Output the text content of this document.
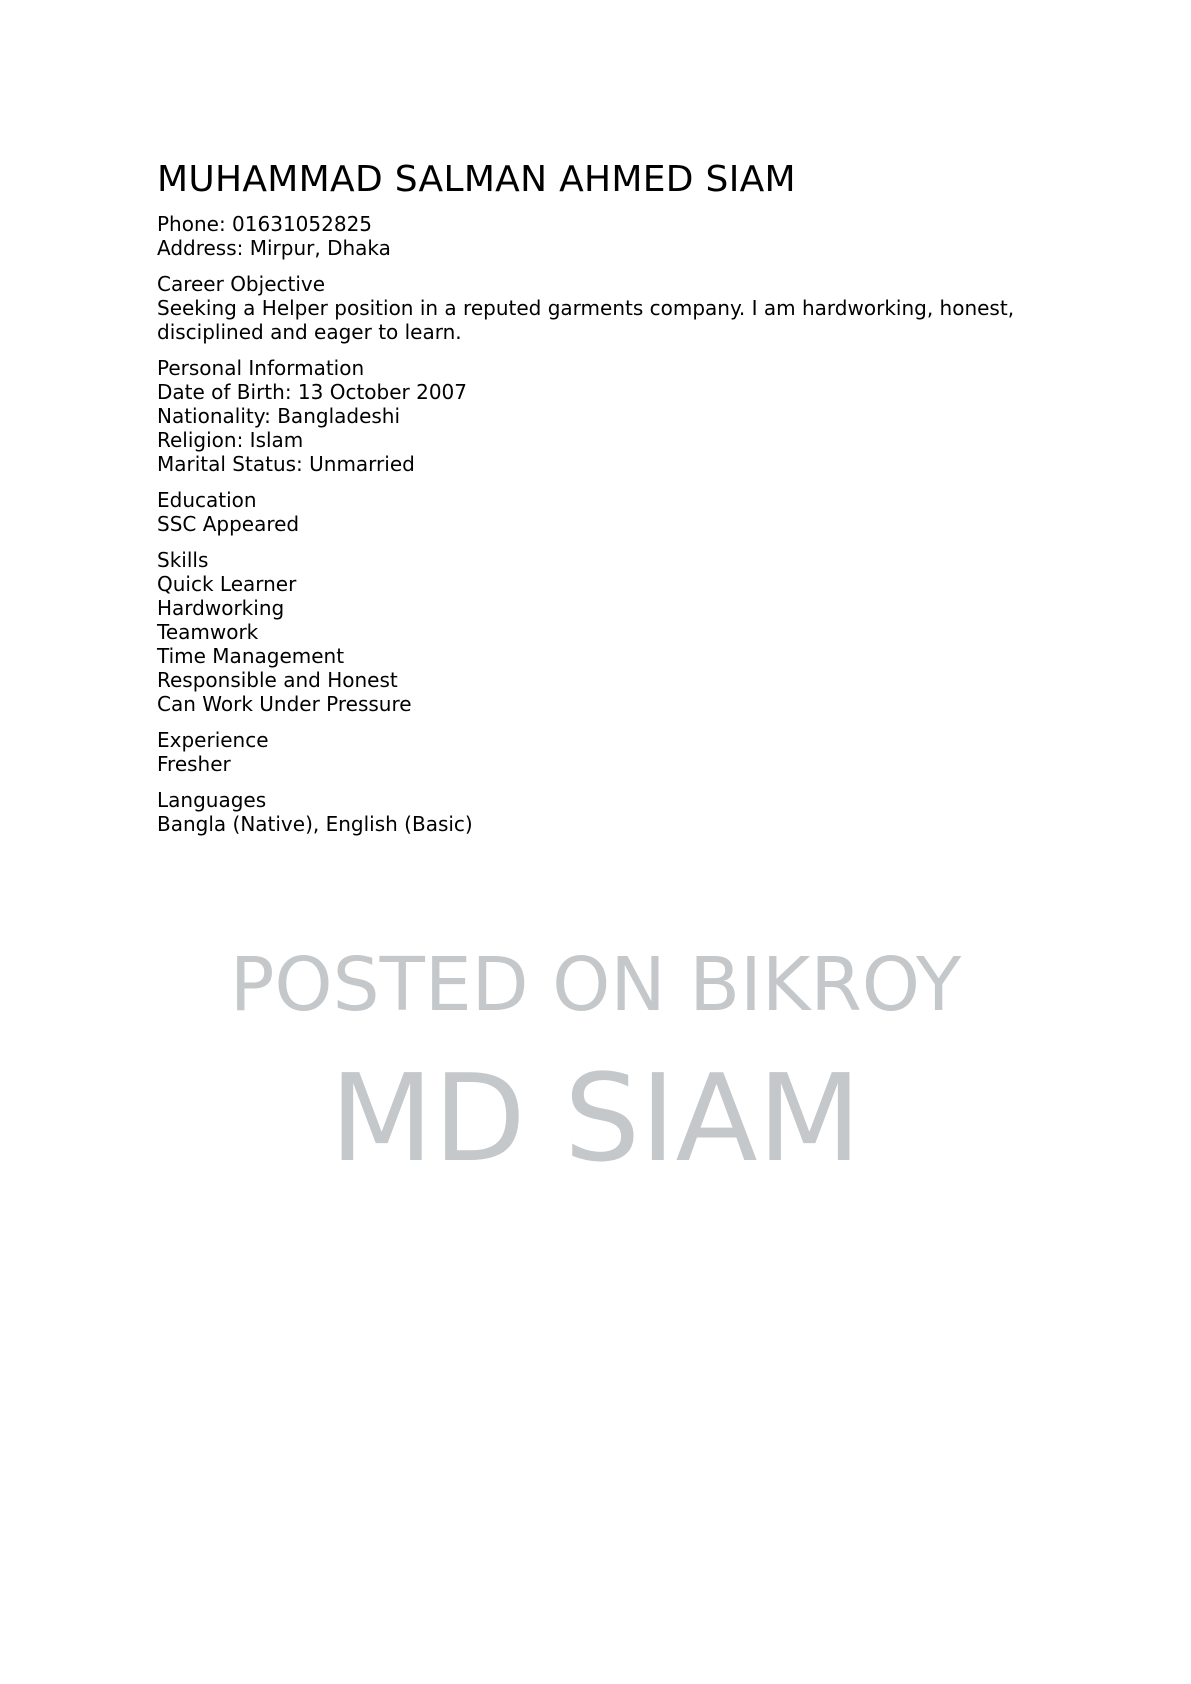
MUHAMMAD SALMAN AHMED SIAM
Phone: 01631052825
Address: Mirpur, Dhaka
Career Objective
Seeking a Helper position in a reputed garments company. I am hardworking, honest, disciplined and eager to learn.
Personal Information
Date of Birth: 13 October 2007
Nationality: Bangladeshi
Religion: Islam
Marital Status: Unmarried
Education
SSC Appeared
Skills
Quick Learner
Hardworking
Teamwork
Time Management
Responsible and Honest
Can Work Under Pressure
Experience
Fresher
Languages
Bangla (Native), English (Basic)
POSTED ON BIKROY
MD SIAM
